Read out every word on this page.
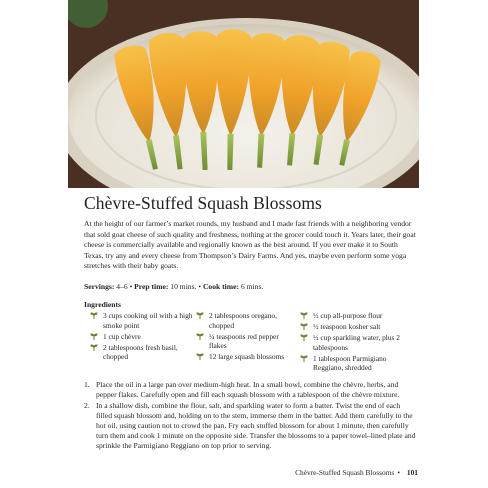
Chèvre-Stuffed Squash Blossoms

At the height of our farmer’s market rounds, my husband and I made fast friends with a neighboring vendor that sold goat cheese of such quality and freshness, nothing at the grocer could touch it. Years later, their goat cheese is commercially available and regionally known as the best around. If you ever make it to South Texas, try any and every cheese from Thompson’s Dairy Farms. And yes, maybe even perform some yoga stretches with their baby goats.

Servings: 4–6 • Prep time: 10 mins. • Cook time: 6 mins.
Ingredients
3 cups cooking oil with a high smoke point
1 cup chèvre
2 tablespoons fresh basil, chopped
2 tablespoons oregano, chopped
¼ teaspoons red pepper flakes
12 large squash blossoms
½ cup all-purpose flour
½ teaspoon kosher salt
½ cup sparkling water, plus 2 tablespoons
1 tablespoon Parmigiano Reggiano, shredded
1. Place the oil in a large pan over medium-high heat. In a small bowl, combine the chèvre, herbs, and pepper flakes. Carefully open and fill each squash blossom with a tablespoon of the chèvre mixture.
2. In a shallow dish, combine the flour, salt, and sparkling water to form a batter. Twist the end of each filled squash blossom and, holding on to the stem, immerse them in the batter. Add them carefully to the hot oil, using caution not to crowd the pan. Fry each stuffed blossom for about 1 minute, then carefully turn them and cook 1 minute on the opposite side. Transfer the blossoms to a paper towel–lined plate and sprinkle the Parmigiano Reggiano on top prior to serving.
Chèvre-Stuffed Squash Blossoms • 101
